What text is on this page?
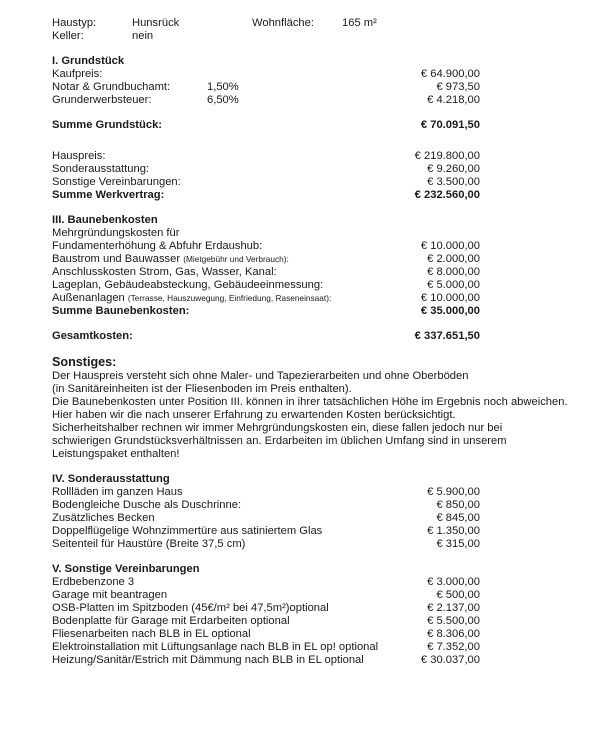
Haustyp:	Hunsrück	Wohnfläche:	165 m²
Keller:	nein
I. Grundstück
Kaufpreis:	€ 64.900,00
Notar & Grundbuchamt:	1,50%	€ 973,50
Grunderwerbsteuer:	6,50%	€ 4.218,00
Summe Grundstück:	€ 70.091,50
Hauspreis:	€ 219.800,00
Sonderausstattung:	€ 9.260,00
Sonstige Vereinbarungen:	€ 3.500,00
Summe Werkvertrag:	€ 232.560,00
III. Baunebenkosten
Mehrgründungskosten für
Fundamenterhöhung & Abfuhr Erdaushub:	€ 10.000,00
Baustrom und Bauwasser (Mietgebühr und Verbrauch):	€ 2.000,00
Anschlusskosten Strom, Gas, Wasser, Kanal:	€ 8.000,00
Lageplan, Gebäudeabsteckung, Gebäudeeinmessung:	€ 5.000,00
Außenanlagen (Terrasse, Hauszuwegung, Einfriedung, Raseneinsaat):	€ 10.000,00
Summe Baunebenkosten:	€ 35.000,00
Gesamtkosten:	€ 337.651,50
Sonstiges:
Der Hauspreis versteht sich ohne Maler- und Tapezierarbeiten und ohne Oberböden
(in Sanitäreinheiten ist der Fliesenboden im Preis enthalten).
Die Baunebenkosten unter Position III. können in ihrer tatsächlichen Höhe im Ergebnis noch abweichen.
Hier haben wir die nach unserer Erfahrung zu erwartenden Kosten berücksichtigt.
Sicherheitshalber rechnen wir immer Mehrgründungskosten ein, diese fallen jedoch nur bei
schwierigen Grundstücksverhältnissen an. Erdarbeiten im üblichen Umfang sind in unserem
Leistungspaket enthalten!
IV. Sonderausstattung
Rollläden im ganzen Haus	€ 5.900,00
Bodengleiche Dusche als Duschrinne:	€ 850,00
Zusätzliches Becken	€ 845,00
Doppelflügelige Wohnzimmertüre aus satiniertem Glas	€ 1.350,00
Seitenteil für Haustüre (Breite 37,5 cm)	€ 315,00
V. Sonstige Vereinbarungen
Erdbebenzone 3	€ 3.000,00
Garage mit beantragen	€ 500,00
OSB-Platten im Spitzboden (45€/m² bei 47,5m²)optional	€ 2.137,00
Bodenplatte für Garage mit Erdarbeiten optional	€ 5.500,00
Fliesenarbeiten nach BLB in EL optional	€ 8.306,00
Elektroinstallation mit Lüftungsanlage nach BLB in EL op! optional	€ 7.352,00
Heizung/Sanitär/Estrich mit Dämmung nach BLB in EL optional	€ 30.037,00
